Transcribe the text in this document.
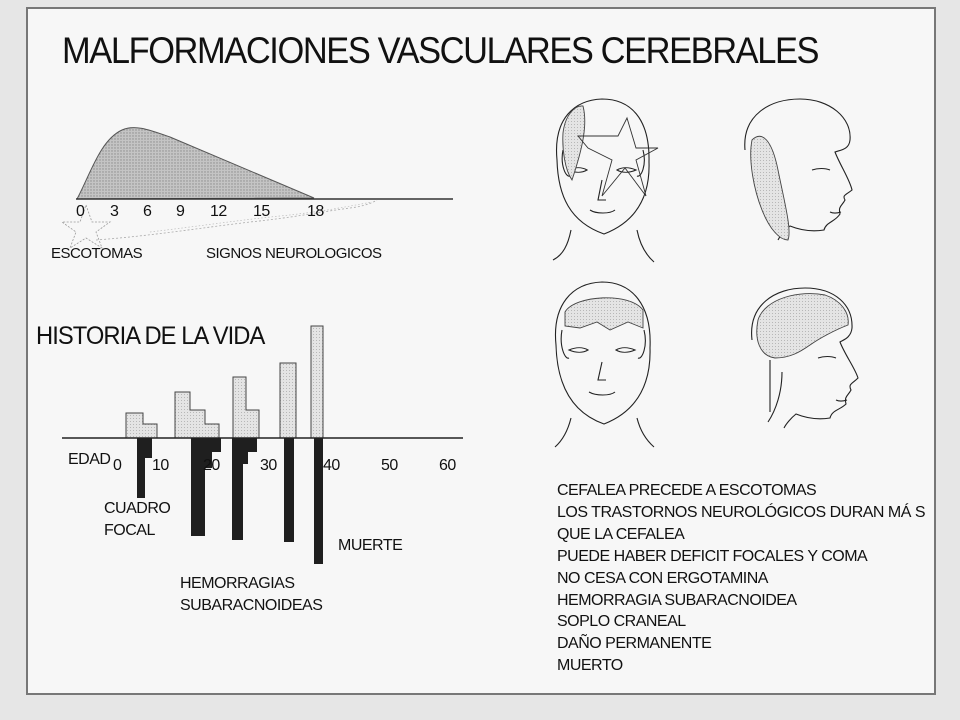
MALFORMACIONES VASCULARES CEREBRALES
0 3 6 9 12 15 18
ESCOTOMAS	SIGNOS NEUROLOGICOS
HISTORIA DE LA VIDA
EDAD 0 10 20	30	40	50	60
CUADRO
FOCAL
HEMORRAGIAS
SUBARACNOIDEAS
MUERTE
CEFALEA PRECEDE A ESCOTOMAS
LOS TRASTORNOS NEUROLÓGICOS DURAN MÁ S
QUE LA CEFALEA
PUEDE HABER DEFICIT FOCALES Y COMA
NO CESA CON ERGOTAMINA
HEMORRAGIA SUBARACNOIDEA
SOPLO CRANEAL
DAÑO PERMANENTE
MUERTO
